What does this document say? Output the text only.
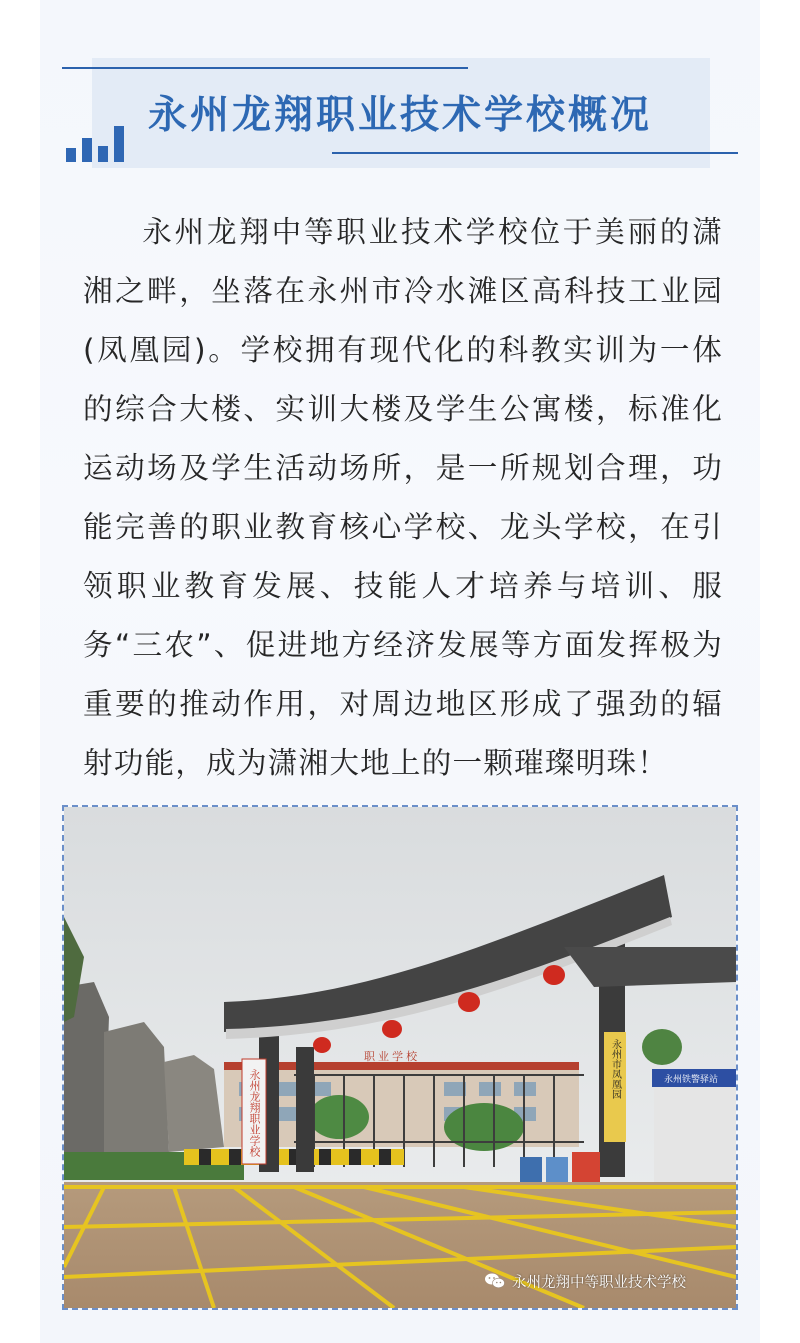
永州龙翔职业技术学校概况

永州龙翔中等职业技术学校位于美丽的潇湘之畔，坐落在永州市冷水滩区高科技工业园(凤凰园)。学校拥有现代化的科教实训为一体的综合大楼、实训大楼及学生公寓楼，标准化运动场及学生活动场所，是一所规划合理，功能完善的职业教育核心学校、龙头学校，在引领职业教育发展、技能人才培养与培训、服务“三农”、促进地方经济发展等方面发挥极为重要的推动作用，对周边地区形成了强劲的辐射功能，成为潇湘大地上的一颗璀璨明珠！

职 业 学 校
永州龙翔职业学校	永州市凤凰园	永州铁警驿站
永州龙翔中等职业技术学校
